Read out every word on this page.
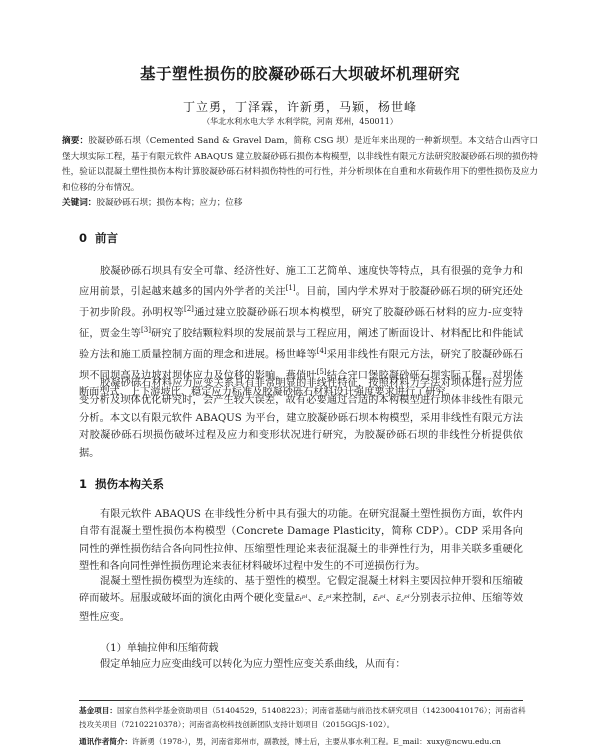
基于塑性损伤的胶凝砂砾石大坝破坏机理研究
丁立勇，丁泽霖，许新勇，马颖，杨世峰
（华北水利水电大学 水利学院，河南 郑州，450011）
摘要：胶凝砂砾石坝（Cemented Sand & Gravel Dam，简称 CSG 坝）是近年来出现的一种新坝型。本文结合山西守口堡大坝实际工程，基于有限元软件 ABAQUS 建立胶凝砂砾石损伤本构模型，以非线性有限元方法研究胶凝砂砾石坝的损伤特性，验证以混凝土塑性损伤本构计算胶凝砂砾石材料损伤特性的可行性，并分析坝体在自重和水荷载作用下的塑性损伤及应力和位移的分布情况。
关键词：胶凝砂砾石坝；损伤本构；应力；位移
0 前言
胶凝砂砾石坝具有安全可靠、经济性好、施工工艺简单、速度快等特点，具有很强的竞争力和应用前景，引起越来越多的国内外学者的关注[1]。目前，国内学术界对于胶凝砂砾石坝的研究还处于初步阶段。孙明权等[2]通过建立胶凝砂砾石坝本构模型，研究了胶凝砂砾石材料的应力-应变特征，贾金生等[3]研究了胶结颗粒料坝的发展前景与工程应用，阐述了断面设计、材料配比和件能试验方法和施工质量控制方面的理念和进展。杨世峰等[4]采用非线性有限元方法，研究了胶凝砂砾石坝不同坝高及边坡对坝体应力及位移的影响。燕俏叶[5]结合守口堡胶凝砂砾石坝实际工程，对坝体断面型式、上下游坡比、稳定应力标准及胶凝砂砾石材料设计强度要求进行了研究。
胶凝砂砾石材料应力应变关系具有非常明显的非线性特征，按照材料力学法对坝体进行应力应变分析及坝体优化研究时，会产生较大误差，故有必要通过合适的本构模型进行坝体非线性有限元分析。本文以有限元软件 ABAQUS 为平台，建立胶凝砂砾石坝本构模型，采用非线性有限元方法对胶凝砂砾石坝损伤破坏过程及应力和变形状况进行研究，为胶凝砂砾石坝的非线性分析提供依据。
1 损伤本构关系
有限元软件 ABAQUS 在非线性分析中具有强大的功能。在研究混凝土塑性损伤方面，软件内自带有混凝土塑性损伤本构模型（Concrete Damage Plasticity，简称 CDP）。CDP 采用各向同性的弹性损伤结合各向同性拉伸、压缩塑性理论来表征混凝土的非弹性行为，用非关联多重硬化塑性和各向同性弹性损伤理论来表征材料破坏过程中发生的不可逆损伤行为。
混凝土塑性损伤模型为连续的、基于塑性的模型。它假定混凝土材料主要因拉伸开裂和压缩破碎而破坏。屈服或破坏面的演化由两个硬化变量ε̃ₜᵖˡ、ε̃꜀ᵖˡ来控制，ε̃ₜᵖˡ、ε̃꜀ᵖˡ分别表示拉伸、压缩等效塑性应变。
（1）单轴拉伸和压缩荷载
假定单轴应力应变曲线可以转化为应力塑性应变关系曲线，从而有：
基金项目：国家自然科学基金资助项目（51404529，51408223）；河南省基础与前沿技术研究项目（142300410176）；河南省科技攻关项目（72102210378）；河南省高校科技创新团队支持计划项目（2015GGJS-102）。
通讯作者简介：许新勇（1978-），男，河南省郑州市，副教授，博士后，主要从事水利工程。E_mail：xuxy@ncwu.edu.cn
